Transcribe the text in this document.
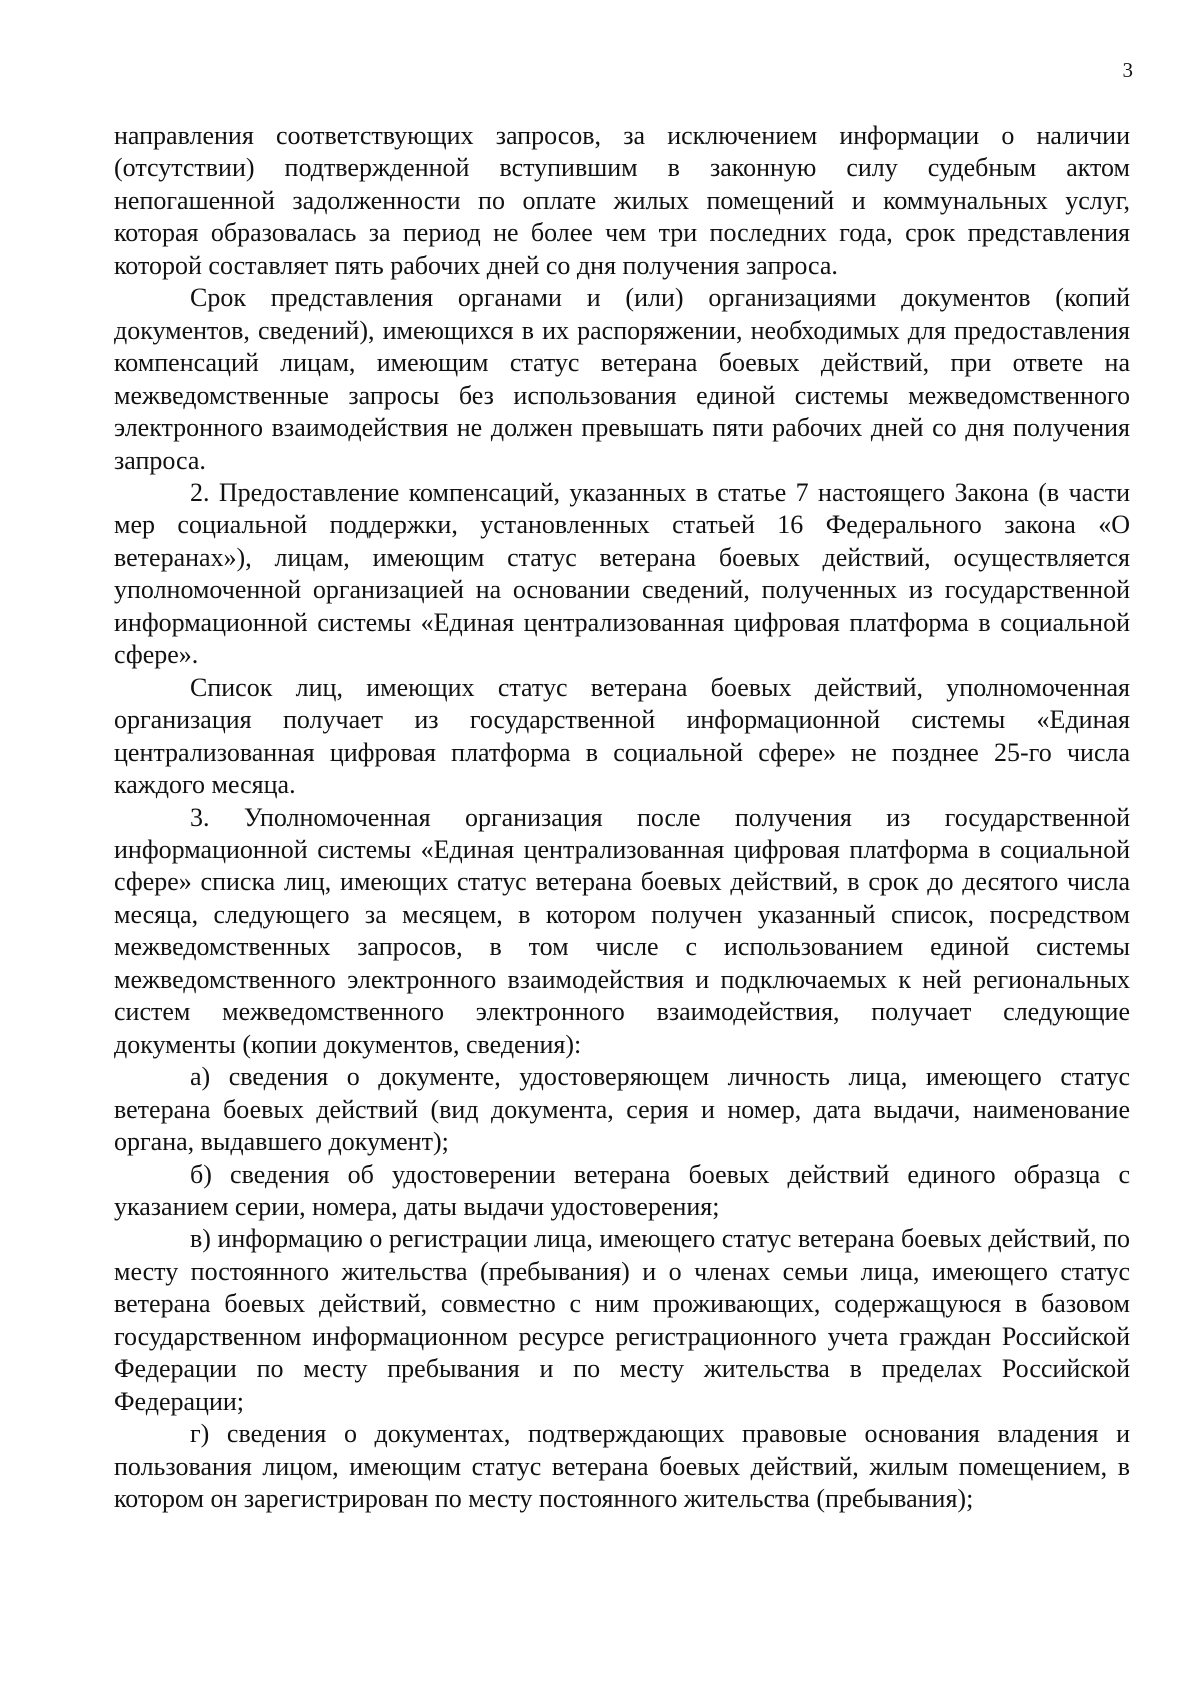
3

направления соответствующих запросов, за исключением информации о наличии (отсутствии) подтвержденной вступившим в законную силу судебным актом непогашенной задолженности по оплате жилых помещений и коммунальных услуг, которая образовалась за период не более чем три последних года, срок представления которой составляет пять рабочих дней со дня получения запроса.

Срок представления органами и (или) организациями документов (копий документов, сведений), имеющихся в их распоряжении, необходимых для предоставления компенсаций лицам, имеющим статус ветерана боевых действий, при ответе на межведомственные запросы без использования единой системы межведомственного электронного взаимодействия не должен превышать пяти рабочих дней со дня получения запроса.

2. Предоставление компенсаций, указанных в статье 7 настоящего Закона (в части мер социальной поддержки, установленных статьей 16 Федерального закона «О ветеранах»), лицам, имеющим статус ветерана боевых действий, осуществляется уполномоченной организацией на основании сведений, полученных из государственной информационной системы «Единая централизованная цифровая платформа в социальной сфере».

Список лиц, имеющих статус ветерана боевых действий, уполномоченная организация получает из государственной информационной системы «Единая централизованная цифровая платформа в социальной сфере» не позднее 25-го числа каждого месяца.

3. Уполномоченная организация после получения из государственной информационной системы «Единая централизованная цифровая платформа в социальной сфере» списка лиц, имеющих статус ветерана боевых действий, в срок до десятого числа месяца, следующего за месяцем, в котором получен указанный список, посредством межведомственных запросов, в том числе с использованием единой системы межведомственного электронного взаимодействия и подключаемых к ней региональных систем межведомственного электронного взаимодействия, получает следующие документы (копии документов, сведения):

а) сведения о документе, удостоверяющем личность лица, имеющего статус ветерана боевых действий (вид документа, серия и номер, дата выдачи, наименование органа, выдавшего документ);

б) сведения об удостоверении ветерана боевых действий единого образца с указанием серии, номера, даты выдачи удостоверения;

в) информацию о регистрации лица, имеющего статус ветерана боевых действий, по месту постоянного жительства (пребывания) и о членах семьи лица, имеющего статус ветерана боевых действий, совместно с ним проживающих, содержащуюся в базовом государственном информационном ресурсе регистрационного учета граждан Российской Федерации по месту пребывания и по месту жительства в пределах Российской Федерации;

г) сведения о документах, подтверждающих правовые основания владения и пользования лицом, имеющим статус ветерана боевых действий, жилым помещением, в котором он зарегистрирован по месту постоянного жительства (пребывания);
